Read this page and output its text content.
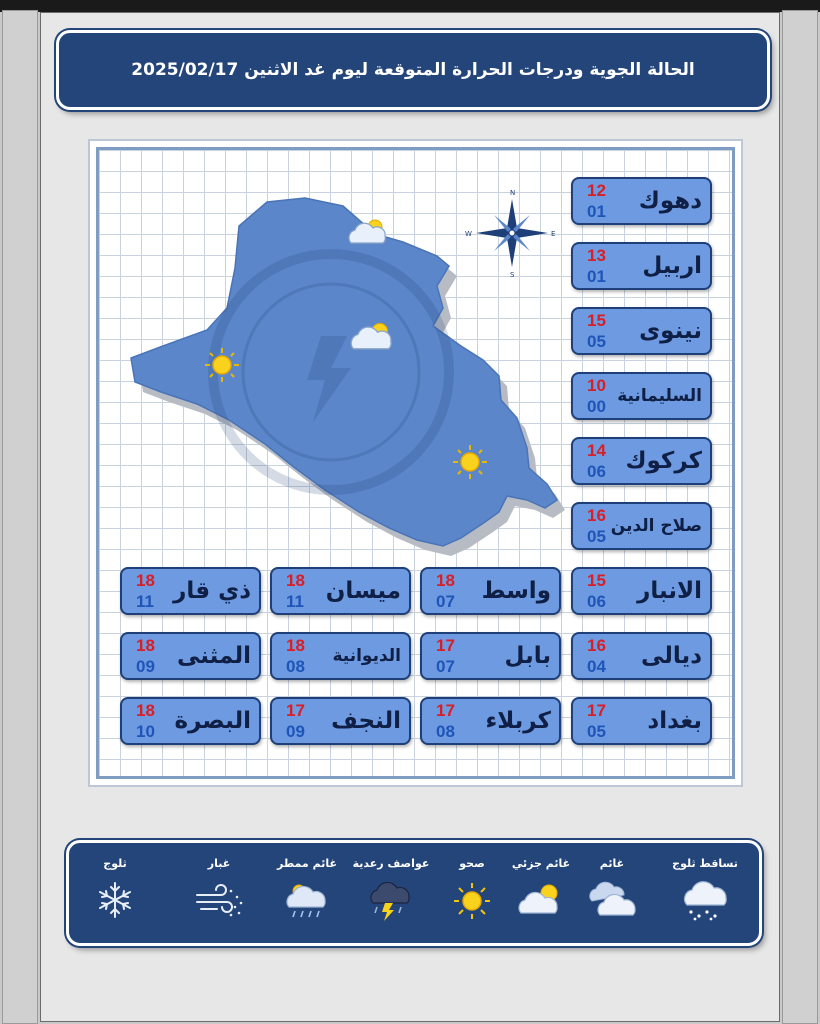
الحالة الجوية ودرجات الحرارة المتوقعة ليوم غد الاثنين 2025/02/17
N
E
S
W
12
01 دهوك
13
01 اربيل
15
05 نينوى
10
00
السليمانية
14
06 كركوك
16
05
صلاح الدين
15
06 الانبار
18
07 واسط
18
11 ميسان
18
11 ذي قار
16
04 ديالى
17
07 بابل
18
08
الديوانية
18
09 المثنى
17
05 بغداد
17
08 كربلاء
17
09 النجف
18
10 البصرة
تساقط ثلوج
غائم
غائم جزئي
صحو
عواصف رعدية
غائم ممطر
غبار
ثلوج
